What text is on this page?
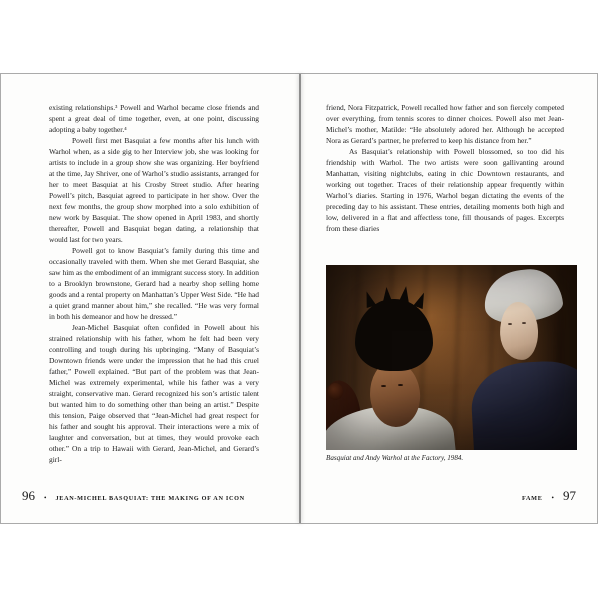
existing relationships.³ Powell and Warhol became close friends and spent a great deal of time together, even, at one point, discussing adopting a baby together.⁴

Powell first met Basquiat a few months after his lunch with Warhol when, as a side gig to her Interview job, she was looking for artists to include in a group show she was organizing. Her boyfriend at the time, Jay Shriver, one of Warhol’s studio assistants, arranged for her to meet Basquiat at his Crosby Street studio. After hearing Powell’s pitch, Basquiat agreed to participate in her show. Over the next few months, the group show morphed into a solo exhibition of new work by Basquiat. The show opened in April 1983, and shortly thereafter, Powell and Basquiat began dating, a relationship that would last for two years.

Powell got to know Basquiat’s family during this time and occasionally traveled with them. When she met Gerard Basquiat, she saw him as the embodiment of an immigrant success story. In addition to a Brooklyn brownstone, Gerard had a nearby shop selling home goods and a rental property on Manhattan’s Upper West Side. “He had a quiet grand manner about him,” she recalled. “He was very formal in both his demeanor and how he dressed.”

Jean-Michel Basquiat often confided in Powell about his strained relationship with his father, whom he felt had been very controlling and tough during his upbringing. “Many of Basquiat’s Downtown friends were under the impression that he had this cruel father,” Powell explained. “But part of the problem was that Jean-Michel was extremely experimental, while his father was a very straight, conservative man. Gerard recognized his son’s artistic talent but wanted him to do something other than being an artist.” Despite this tension, Paige observed that “Jean-Michel had great respect for his father and sought his approval. Their interactions were a mix of laughter and conversation, but at times, they would provoke each other.” On a trip to Hawaii with Gerard, Jean-Michel, and Gerard’s girl-

96 • JEAN-MICHEL BASQUIAT: THE MAKING OF AN ICON

friend, Nora Fitzpatrick, Powell recalled how father and son fiercely competed over everything, from tennis scores to dinner choices. Powell also met Jean-Michel’s mother, Matilde: “He absolutely adored her. Although he accepted Nora as Gerard’s partner, he preferred to keep his distance from her.”

As Basquiat’s relationship with Powell blossomed, so too did his friendship with Warhol. The two artists were soon gallivanting around Manhattan, visiting nightclubs, eating in chic Downtown restaurants, and working out together. Traces of their relationship appear frequently within Warhol’s diaries. Starting in 1976, Warhol began dictating the events of the preceding day to his assistant. These entries, detailing moments both high and low, delivered in a flat and affectless tone, fill thousands of pages. Excerpts from these diaries

Basquiat and Andy Warhol at the Factory, 1984.
FAME • 97
